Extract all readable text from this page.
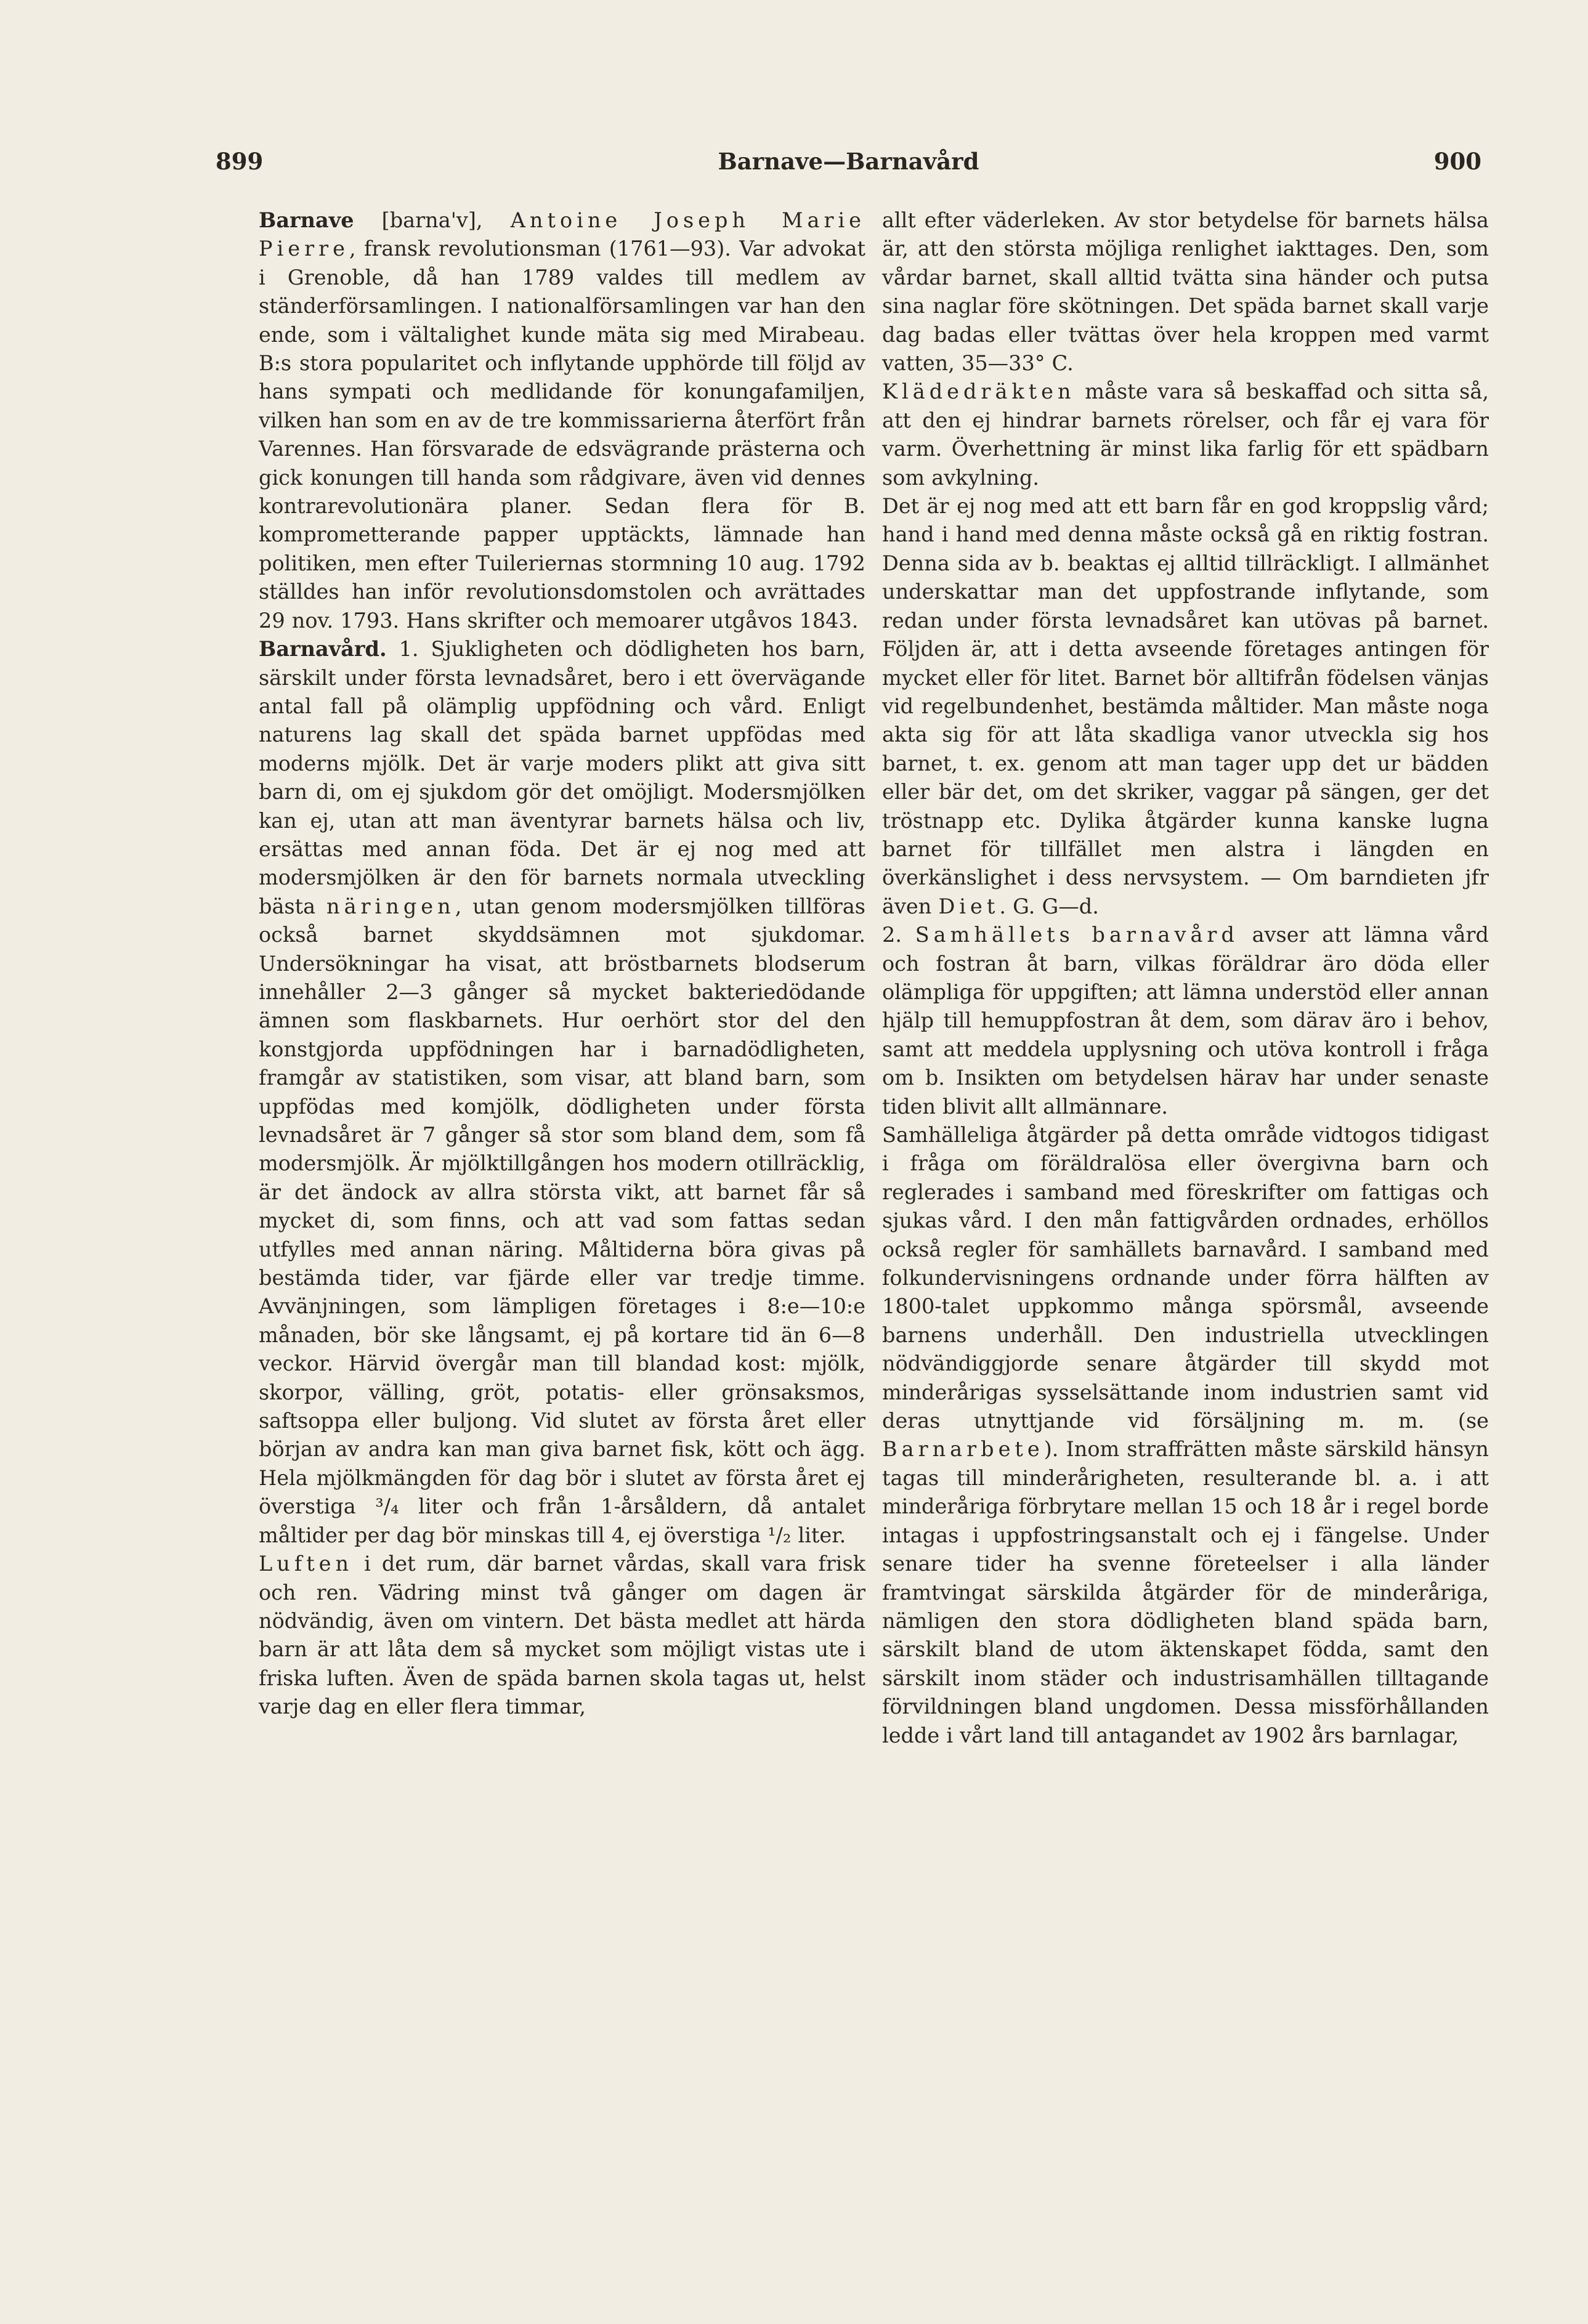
899	Barnave—Barnavård	900

Barnave [barna'v], Antoine Joseph Marie Pierre, fransk revolutionsman (1761—93). Var advokat i Grenoble, då han 1789 valdes till medlem av ständerförsamlingen. I nationalförsamlingen var han den ende, som i vältalighet kunde mäta sig med Mirabeau. B:s stora popularitet och inflytande upphörde till följd av hans sympati och medlidande för konungafamiljen, vilken han som en av de tre kommissarierna återfört från Varennes. Han försvarade de edsvägrande prästerna och gick konungen till handa som rådgivare, även vid dennes kontrarevolutionära planer. Sedan flera för B. komprometterande papper upptäckts, lämnade han politiken, men efter Tuileriernas stormning 10 aug. 1792 ställdes han inför revolutionsdomstolen och avrättades 29 nov. 1793. Hans skrifter och memoarer utgåvos 1843.

Barnavård. 1. Sjukligheten och dödligheten hos barn, särskilt under första levnadsåret, bero i ett övervägande antal fall på olämplig uppfödning och vård. Enligt naturens lag skall det späda barnet uppfödas med moderns mjölk. Det är varje moders plikt att giva sitt barn di, om ej sjukdom gör det omöjligt. Modersmjölken kan ej, utan att man äventyrar barnets hälsa och liv, ersättas med annan föda. Det är ej nog med att modersmjölken är den för barnets normala utveckling bästa näringen, utan genom modersmjölken tillföras också barnet skyddsämnen mot sjukdomar. Undersökningar ha visat, att bröstbarnets blodserum innehåller 2—3 gånger så mycket bakteriedödande ämnen som flaskbarnets. Hur oerhört stor del den konstgjorda uppfödningen har i barnadödligheten, framgår av statistiken, som visar, att bland barn, som uppfödas med komjölk, dödligheten under första levnadsåret är 7 gånger så stor som bland dem, som få modersmjölk. Är mjölktillgången hos modern otillräcklig, är det ändock av allra största vikt, att barnet får så mycket di, som finns, och att vad som fattas sedan utfylles med annan näring. Måltiderna böra givas på bestämda tider, var fjärde eller var tredje timme. Avvänjningen, som lämpligen företages i 8:e—10:e månaden, bör ske långsamt, ej på kortare tid än 6—8 veckor. Härvid övergår man till blandad kost: mjölk, skorpor, välling, gröt, potatis- eller grönsaksmos, saftsoppa eller buljong. Vid slutet av första året eller början av andra kan man giva barnet fisk, kött och ägg. Hela mjölkmängden för dag bör i slutet av första året ej överstiga ³/₄ liter och från 1-årsåldern, då antalet måltider per dag bör minskas till 4, ej överstiga ¹/₂ liter.

Luften i det rum, där barnet vårdas, skall vara frisk och ren. Vädring minst två gånger om dagen är nödvändig, även om vintern. Det bästa medlet att härda barn är att låta dem så mycket som möjligt vistas ute i friska luften. Även de späda barnen skola tagas ut, helst varje dag en eller flera timmar,

allt efter väderleken. Av stor betydelse för barnets hälsa är, att den största möjliga renlighet iakttages. Den, som vårdar barnet, skall alltid tvätta sina händer och putsa sina naglar före skötningen. Det späda barnet skall varje dag badas eller tvättas över hela kroppen med varmt vatten, 35—33° C.

Klädedräkten måste vara så beskaffad och sitta så, att den ej hindrar barnets rörelser, och får ej vara för varm. Överhettning är minst lika farlig för ett spädbarn som avkylning.

Det är ej nog med att ett barn får en god kroppslig vård; hand i hand med denna måste också gå en riktig fostran. Denna sida av b. beaktas ej alltid tillräckligt. I allmänhet underskattar man det uppfostrande inflytande, som redan under första levnadsåret kan utövas på barnet. Följden är, att i detta avseende företages antingen för mycket eller för litet. Barnet bör alltifrån födelsen vänjas vid regelbundenhet, bestämda måltider. Man måste noga akta sig för att låta skadliga vanor utveckla sig hos barnet, t. ex. genom att man tager upp det ur bädden eller bär det, om det skriker, vaggar på sängen, ger det tröstnapp etc. Dylika åtgärder kunna kanske lugna barnet för tillfället men alstra i längden en överkänslighet i dess nervsystem. — Om barndieten jfr även Diet. G. G—d.

2. Samhällets barnavård avser att lämna vård och fostran åt barn, vilkas föräldrar äro döda eller olämpliga för uppgiften; att lämna understöd eller annan hjälp till hemuppfostran åt dem, som därav äro i behov, samt att meddela upplysning och utöva kontroll i fråga om b. Insikten om betydelsen härav har under senaste tiden blivit allt allmännare.

Samhälleliga åtgärder på detta område vidtogos tidigast i fråga om föräldralösa eller övergivna barn och reglerades i samband med föreskrifter om fattigas och sjukas vård. I den mån fattigvården ordnades, erhöllos också regler för samhällets barnavård. I samband med folkundervisningens ordnande under förra hälften av 1800-talet uppkommo många spörsmål, avseende barnens underhåll. Den industriella utvecklingen nödvändiggjorde senare åtgärder till skydd mot minderårigas sysselsättande inom industrien samt vid deras utnyttjande vid försäljning m. m. (se Barnarbete). Inom straffrätten måste särskild hänsyn tagas till minderårigheten, resulterande bl. a. i att minderåriga förbrytare mellan 15 och 18 år i regel borde intagas i uppfostringsanstalt och ej i fängelse. Under senare tider ha svenne företeelser i alla länder framtvingat särskilda åtgärder för de minderåriga, nämligen den stora dödligheten bland späda barn, särskilt bland de utom äktenskapet födda, samt den särskilt inom städer och industrisamhällen tilltagande förvildningen bland ungdomen. Dessa missförhållanden ledde i vårt land till antagandet av 1902 års barnlagar,
